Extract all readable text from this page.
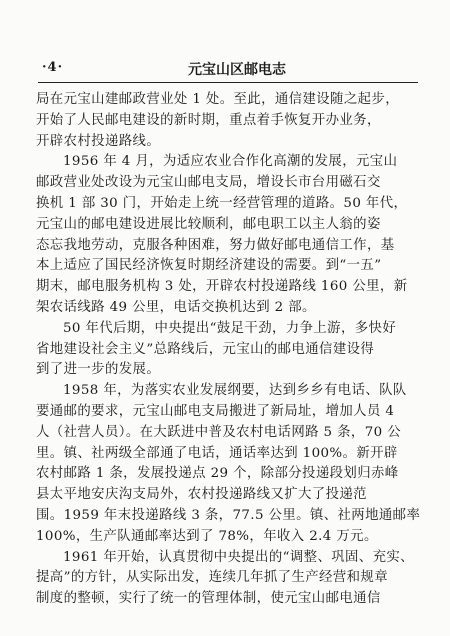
·4·	元宝山区邮电志
局在元宝山建邮政营业处 1 处。至此，通信建设随之起步，
开始了人民邮电建设的新时期，重点着手恢复开办业务，
开辟农村投递路线。
1956 年 4 月，为适应农业合作化高潮的发展，元宝山
邮政营业处改设为元宝山邮电支局，增设长市台用磁石交
换机 1 部 30 门，开始走上统一经营管理的道路。50 年代，
元宝山的邮电建设进展比较顺利，邮电职工以主人翁的姿
态忘我地劳动，克服各种困难，努力做好邮电通信工作，基
本上适应了国民经济恢复时期经济建设的需要。到“一五”
期末，邮电服务机构 3 处，开辟农村投递路线 160 公里，新
架农话线路 49 公里，电话交换机达到 2 部。
50 年代后期，中央提出“鼓足干劲，力争上游，多快好
省地建设社会主义”总路线后，元宝山的邮电通信建设得
到了进一步的发展。
1958 年，为落实农业发展纲要，达到乡乡有电话、队队
要通邮的要求，元宝山邮电支局搬进了新局址，增加人员 4
人（社营人员）。在大跃进中普及农村电话网路 5 条，70 公
里。镇、社两级全部通了电话，通话率达到 100%。新开辟
农村邮路 1 条，发展投递点 29 个，除部分投递段划归赤峰
县太平地安庆沟支局外，农村投递路线又扩大了投递范
围。1959 年末投递路线 3 条，77.5 公里。镇、社两地通邮率
100%，生产队通邮率达到了 78%，年收入 2.4 万元。
1961 年开始，认真贯彻中央提出的“调整、巩固、充实、
提高”的方针，从实际出发，连续几年抓了生产经营和规章
制度的整顿，实行了统一的管理体制，使元宝山邮电通信
